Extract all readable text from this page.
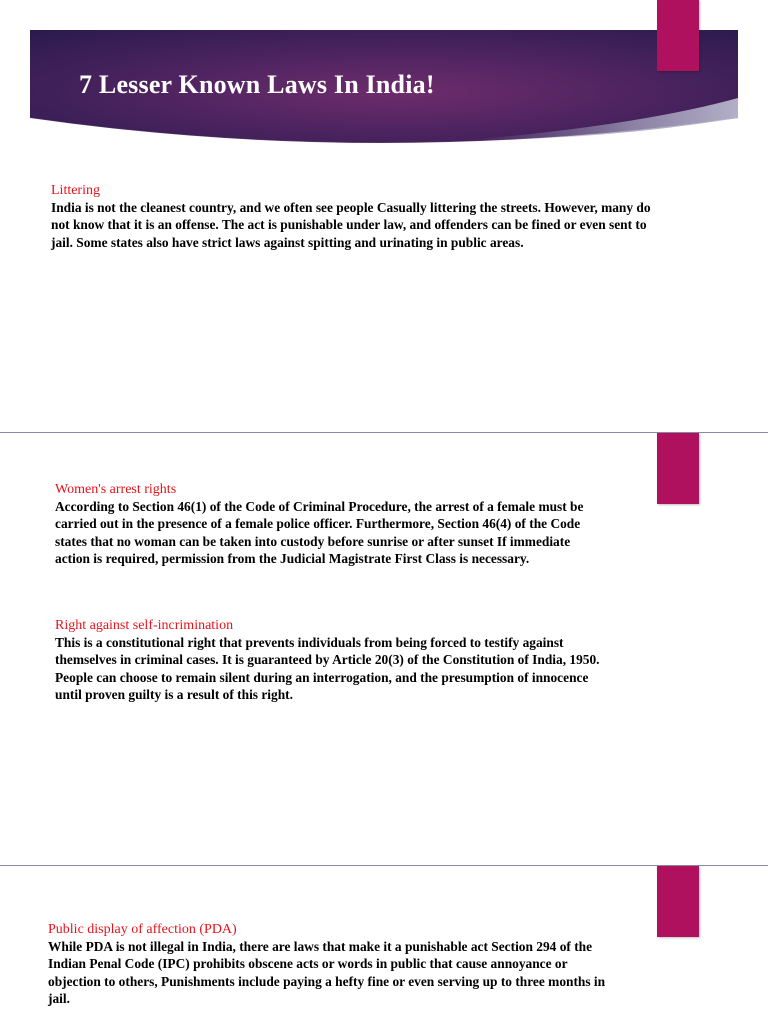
7 Lesser Known Laws In India!

Littering

India is not the cleanest country, and we often see people Casually littering the streets. However, many do not know that it is an offense. The act is punishable under law, and offenders can be fined or even sent to jail. Some states also have strict laws against spitting and urinating in public areas.

Women's arrest rights

According to Section 46(1) of the Code of Criminal Procedure, the arrest of a female must be carried out in the presence of a female police officer. Furthermore, Section 46(4) of the Code states that no woman can be taken into custody before sunrise or after sunset If immediate action is required, permission from the Judicial Magistrate First Class is necessary.

Right against self-incrimination

This is a constitutional right that prevents individuals from being forced to testify against themselves in criminal cases. It is guaranteed by Article 20(3) of the Constitution of India, 1950. People can choose to remain silent during an interrogation, and the presumption of innocence until proven guilty is a result of this right.

Public display of affection (PDA)

While PDA is not illegal in India, there are laws that make it a punishable act Section 294 of the Indian Penal Code (IPC) prohibits obscene acts or words in public that cause annoyance or objection to others, Punishments include paying a hefty fine or even serving up to three months in jail.
